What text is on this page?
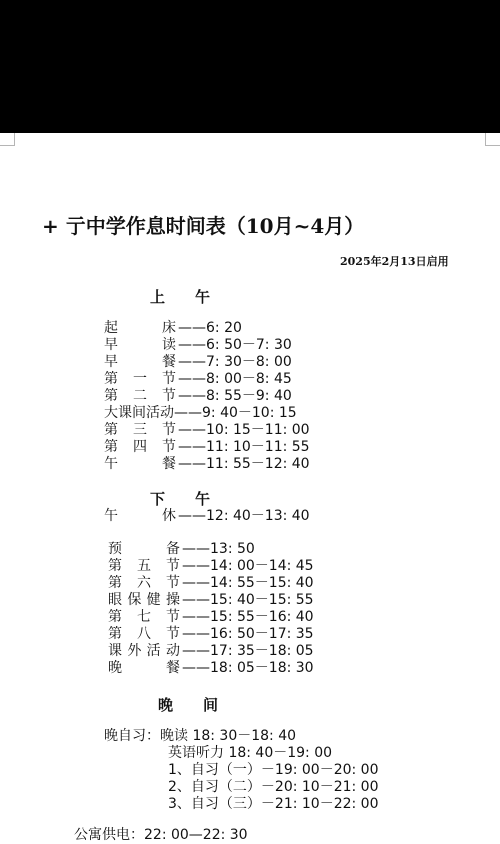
+ 亍中学作息时间表（10月~4月）
2025年2月13日启用
上　　午
起　床 ——6: 20
早　读 ——6: 50－7: 30
早　餐 ——7: 30－8: 00
第一节 ——8: 00－8: 45
第二节 ——8: 55－9: 40
大课间活动——9: 40－10: 15
第三节 ——10: 15－11: 00
第四节 ——11: 10－11: 55
午　餐 ——11: 55－12: 40
下　　午
午　休 ——12: 40－13: 40
预　备 ——13: 50
第五节 ——14: 00－14: 45
第六节 ——14: 55－15: 40
眼保健操 ——15: 40－15: 55
第七节 ——15: 55－16: 40
第八节 ——16: 50－17: 35
课外活动 ——17: 35－18: 05
晚　餐 ——18: 05－18: 30
晚　　间
晚自习：晚读 18: 30－18: 40
英语听力 18: 40－19: 00
1、自习（一）－19: 00－20: 00
2、自习（二）－20: 10－21: 00
3、自习（三）－21: 10－22: 00
公寓供电：22: 00—22: 30
